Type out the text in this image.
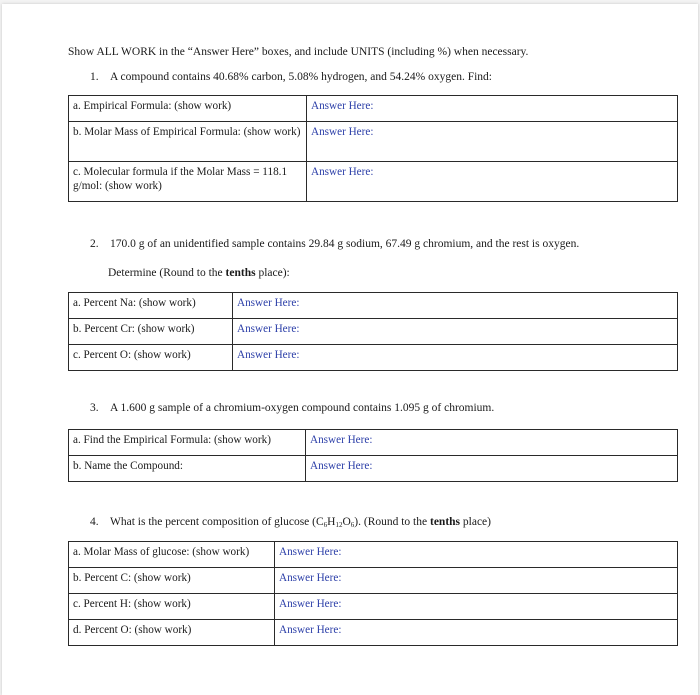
Show ALL WORK in the “Answer Here” boxes, and include UNITS (including %) when necessary.
1. A compound contains 40.68% carbon, 5.08% hydrogen, and 54.24% oxygen. Find:
a. Empirical Formula: (show work)	Answer Here:
b. Molar Mass of Empirical Formula: (show work)	Answer Here:
c. Molecular formula if the Molar Mass = 118.1 g/mol: (show work)	Answer Here:
2. 170.0 g of an unidentified sample contains 29.84 g sodium, 67.49 g chromium, and the rest is oxygen.
Determine (Round to the tenths place):
a. Percent Na: (show work)	Answer Here:
b. Percent Cr: (show work)	Answer Here:
c. Percent O: (show work)	Answer Here:
3. A 1.600 g sample of a chromium-oxygen compound contains 1.095 g of chromium.
a. Find the Empirical Formula: (show work)	Answer Here:
b. Name the Compound:	Answer Here:
4. What is the percent composition of glucose $(C_6H_{12}O_6)$. (Round to the tenths place)
a. Molar Mass of glucose: (show work)	Answer Here:
b. Percent C: (show work)	Answer Here:
c. Percent H: (show work)	Answer Here:
d. Percent O: (show work)	Answer Here:
